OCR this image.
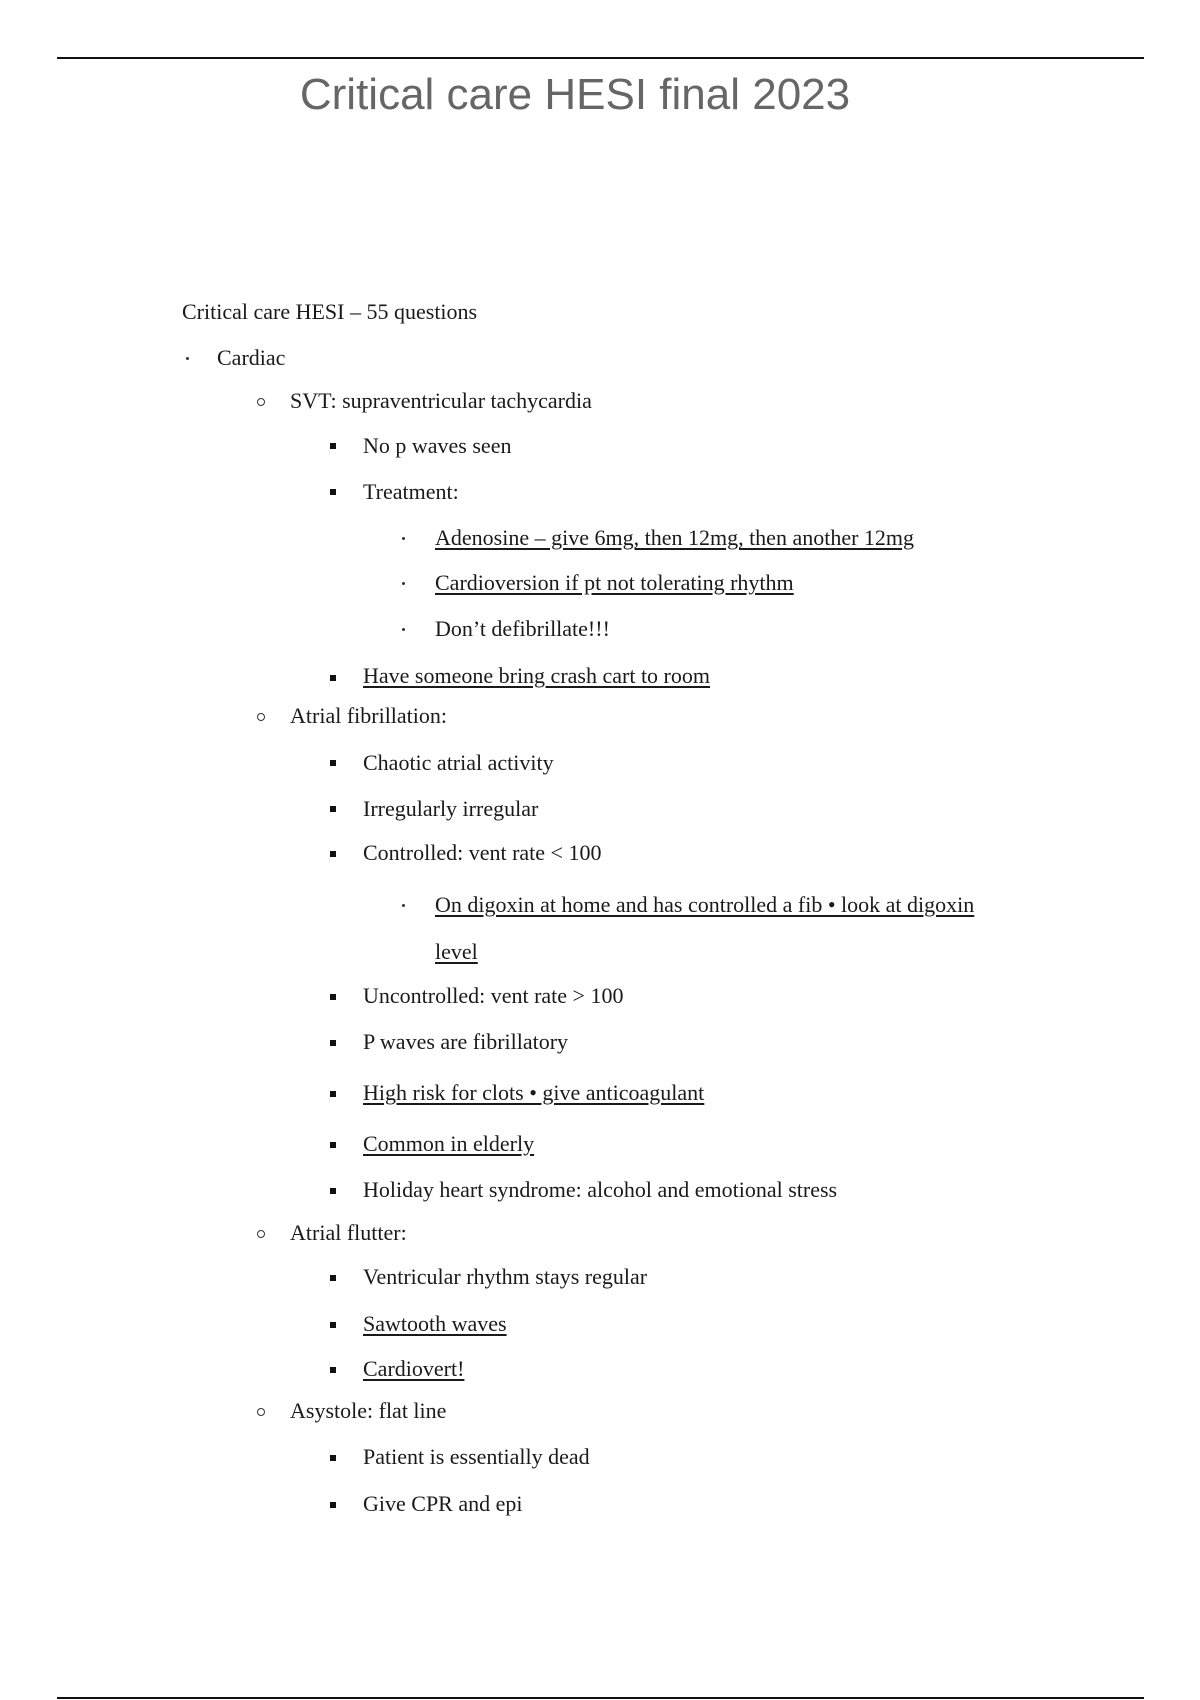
Critical care HESI final 2023
Critical care HESI – 55 questions
Cardiac
SVT: supraventricular tachycardia
No p waves seen
Treatment:
Adenosine – give 6mg, then 12mg, then another 12mg
Cardioversion if pt not tolerating rhythm
Don’t defibrillate!!!
Have someone bring crash cart to room
Atrial fibrillation:
Chaotic atrial activity
Irregularly irregular
Controlled: vent rate < 100
On digoxin at home and has controlled a fib • look at digoxin
level
Uncontrolled: vent rate > 100
P waves are fibrillatory
High risk for clots • give anticoagulant
Common in elderly
Holiday heart syndrome: alcohol and emotional stress
Atrial flutter:
Ventricular rhythm stays regular
Sawtooth waves
Cardiovert!
Asystole: flat line
Patient is essentially dead
Give CPR and epi
